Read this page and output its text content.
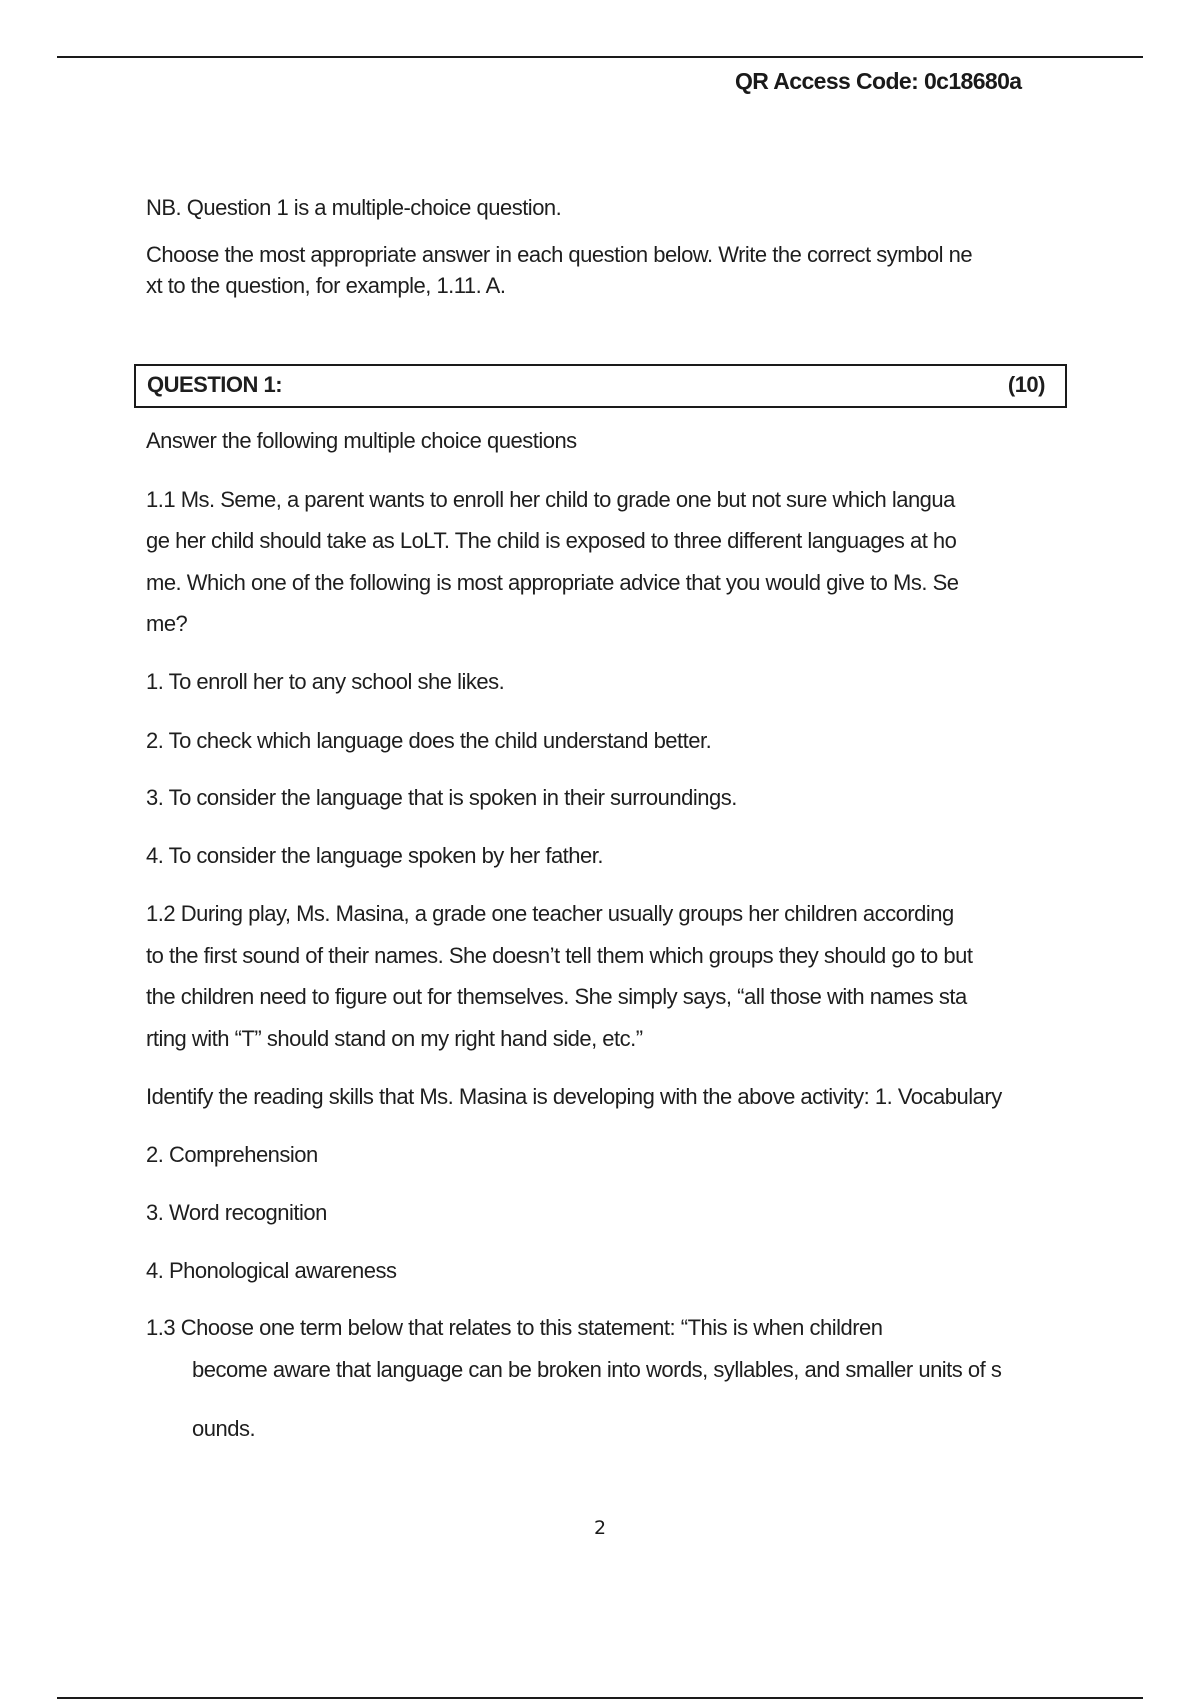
QR Access Code: 0c18680a

NB. Question 1 is a multiple-choice question.

Choose the most appropriate answer in each question below. Write the correct symbol ne

xt to the question, for example, 1.11. A.

Answer the following multiple choice questions

1.1 Ms. Seme, a parent wants to enroll her child to grade one but not sure which langua

ge her child should take as LoLT. The child is exposed to three different languages at ho

me. Which one of the following is most appropriate advice that you would give to Ms. Se

me?

1. To enroll her to any school she likes.

2. To check which language does the child understand better.

3. To consider the language that is spoken in their surroundings.

4. To consider the language spoken by her father.

1.2 During play, Ms. Masina, a grade one teacher usually groups her children according

to the first sound of their names. She doesn’t tell them which groups they should go to but

the children need to figure out for themselves. She simply says, “all those with names sta

rting with “T” should stand on my right hand side, etc.”

Identify the reading skills that Ms. Masina is developing with the above activity: 1. Vocabulary

2. Comprehension

3. Word recognition

4. Phonological awareness

1.3 Choose one term below that relates to this statement: “This is when children

become aware that language can be broken into words, syllables, and smaller units of s

ounds.

QUESTION 1:	(10)
2
